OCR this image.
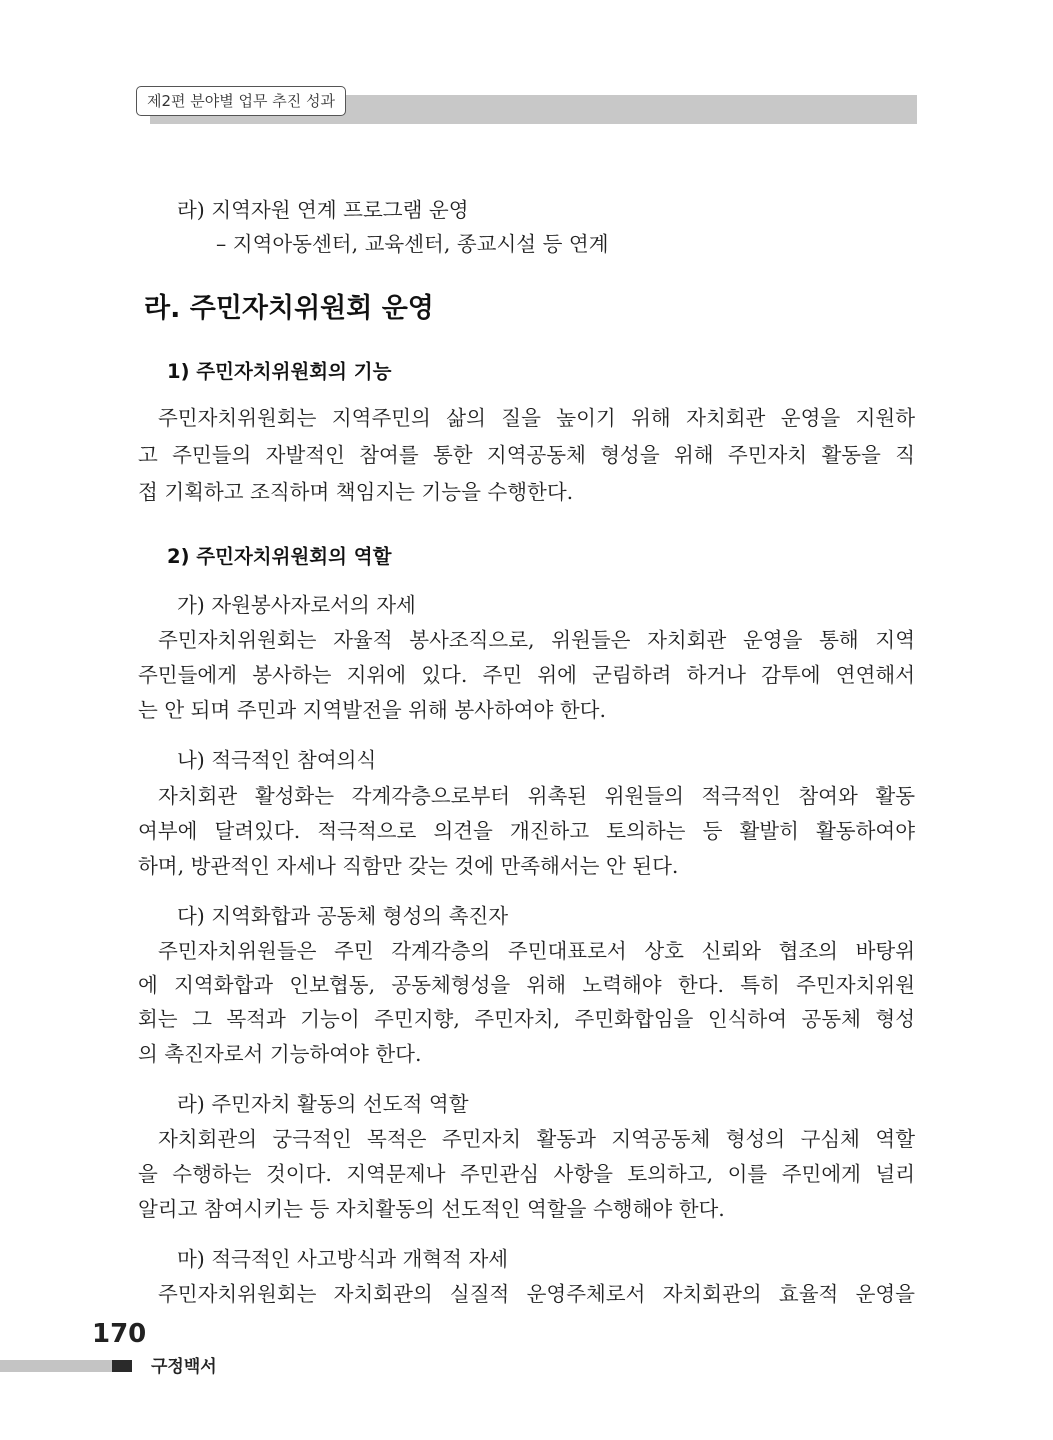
제2편 분야별 업무 추진 성과
라) 지역자원 연계 프로그램 운영
– 지역아동센터, 교육센터, 종교시설 등 연계
라. 주민자치위원회 운영
1) 주민자치위원회의 기능
주민자치위원회는 지역주민의 삶의 질을 높이기 위해 자치회관 운영을 지원하
고 주민들의 자발적인 참여를 통한 지역공동체 형성을 위해 주민자치 활동을 직
접 기획하고 조직하며 책임지는 기능을 수행한다.
2) 주민자치위원회의 역할
가) 자원봉사자로서의 자세
주민자치위원회는 자율적 봉사조직으로, 위원들은 자치회관 운영을 통해 지역
주민들에게 봉사하는 지위에 있다. 주민 위에 군림하려 하거나 감투에 연연해서
는 안 되며 주민과 지역발전을 위해 봉사하여야 한다.
나) 적극적인 참여의식
자치회관 활성화는 각계각층으로부터 위촉된 위원들의 적극적인 참여와 활동
여부에 달려있다. 적극적으로 의견을 개진하고 토의하는 등 활발히 활동하여야
하며, 방관적인 자세나 직함만 갖는 것에 만족해서는 안 된다.
다) 지역화합과 공동체 형성의 촉진자
주민자치위원들은 주민 각계각층의 주민대표로서 상호 신뢰와 협조의 바탕위
에 지역화합과 인보협동, 공동체형성을 위해 노력해야 한다. 특히 주민자치위원
회는 그 목적과 기능이 주민지향, 주민자치, 주민화합임을 인식하여 공동체 형성
의 촉진자로서 기능하여야 한다.
라) 주민자치 활동의 선도적 역할
자치회관의 궁극적인 목적은 주민자치 활동과 지역공동체 형성의 구심체 역할
을 수행하는 것이다. 지역문제나 주민관심 사항을 토의하고, 이를 주민에게 널리
알리고 참여시키는 등 자치활동의 선도적인 역할을 수행해야 한다.
마) 적극적인 사고방식과 개혁적 자세
주민자치위원회는 자치회관의 실질적 운영주체로서 자치회관의 효율적 운영을
170
구정백서
